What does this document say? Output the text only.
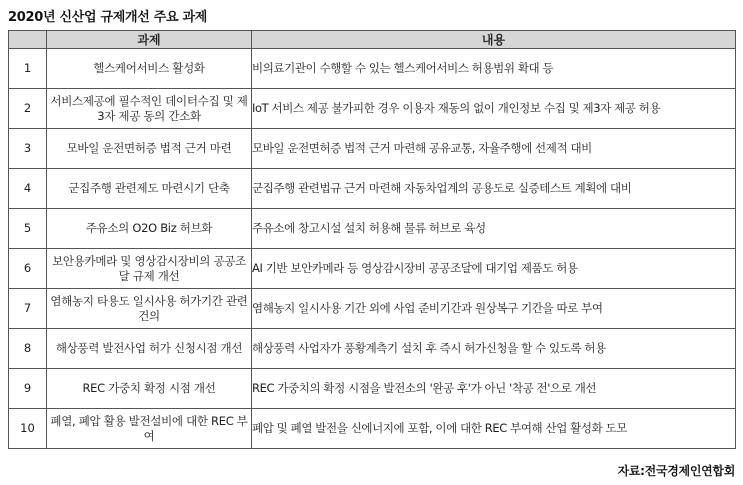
2020년 신산업 규제개선 주요 과제
	과제	내용
1	헬스케어서비스 활성화	비의료기관이 수행할 수 있는 헬스케어서비스 허용범위 확대 등
2	서비스제공에 필수적인 데이터수집 및 제3자 제공 동의 간소화	IoT 서비스 제공 불가피한 경우 이용자 재동의 없이 개인정보 수집 및 제3자 제공 허용
3	모바일 운전면허증 법적 근거 마련	모바일 운전면허증 법적 근거 마련해 공유교통, 자율주행에 선제적 대비
4	군집주행 관련제도 마련시기 단축	군집주행 관련법규 근거 마련해 자동차업계의 공용도로 실증테스트 계획에 대비
5	주유소의 O2O Biz 허브화	주유소에 창고시설 설치 허용해 물류 허브로 육성
6	보안용카메라 및 영상감시장비의 공공조달 규제 개선	AI 기반 보안카메라 등 영상감시장비 공공조달에 대기업 제품도 허용
7	염해농지 타용도 일시사용 허가기간 관련 건의	염해농지 일시사용 기간 외에 사업 준비기간과 원상복구 기간을 따로 부여
8	해상풍력 발전사업 허가 신청시점 개선	해상풍력 사업자가 풍황계측기 설치 후 즉시 허가신청을 할 수 있도록 허용
9	REC 가중치 확정 시점 개선	REC 가중치의 확정 시점을 발전소의 '완공 후'가 아닌 '착공 전'으로 개선
10	폐열, 폐압 활용 발전설비에 대한 REC 부여	폐압 및 폐열 발전을 신에너지에 포함, 이에 대한 REC 부여해 산업 활성화 도모
자료:전국경제인연합회
